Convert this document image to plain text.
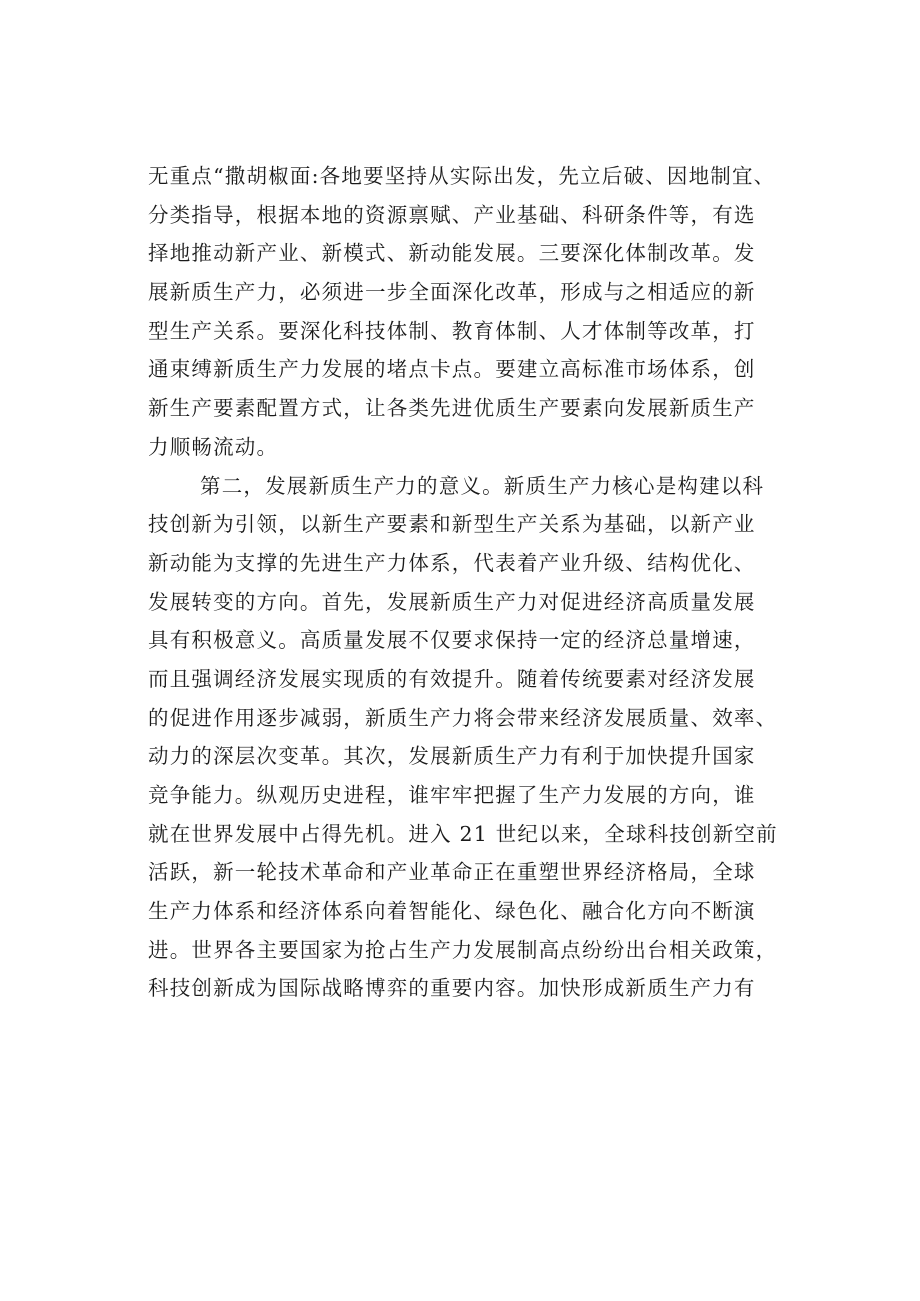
无重点“撒胡椒面:各地要坚持从实际出发，先立后破、因地制宜、
分类指导，根据本地的资源禀赋、产业基础、科研条件等，有选
择地推动新产业、新模式、新动能发展。三要深化体制改革。发
展新质生产力，必须进一步全面深化改革，形成与之相适应的新
型生产关系。要深化科技体制、教育体制、人才体制等改革，打
通束缚新质生产力发展的堵点卡点。要建立高标准市场体系，创
新生产要素配置方式，让各类先进优质生产要素向发展新质生产
力顺畅流动。
第二，发展新质生产力的意义。新质生产力核心是构建以科
技创新为引领，以新生产要素和新型生产关系为基础，以新产业
新动能为支撑的先进生产力体系，代表着产业升级、结构优化、
发展转变的方向。首先，发展新质生产力对促进经济高质量发展
具有积极意义。高质量发展不仅要求保持一定的经济总量增速，
而且强调经济发展实现质的有效提升。随着传统要素对经济发展
的促进作用逐步减弱，新质生产力将会带来经济发展质量、效率、
动力的深层次变革。其次，发展新质生产力有利于加快提升国家
竞争能力。纵观历史进程，谁牢牢把握了生产力发展的方向，谁
就在世界发展中占得先机。进入 21 世纪以来，全球科技创新空前
活跃，新一轮技术革命和产业革命正在重塑世界经济格局，全球
生产力体系和经济体系向着智能化、绿色化、融合化方向不断演
进。世界各主要国家为抢占生产力发展制高点纷纷出台相关政策，
科技创新成为国际战略博弈的重要内容。加快形成新质生产力有
